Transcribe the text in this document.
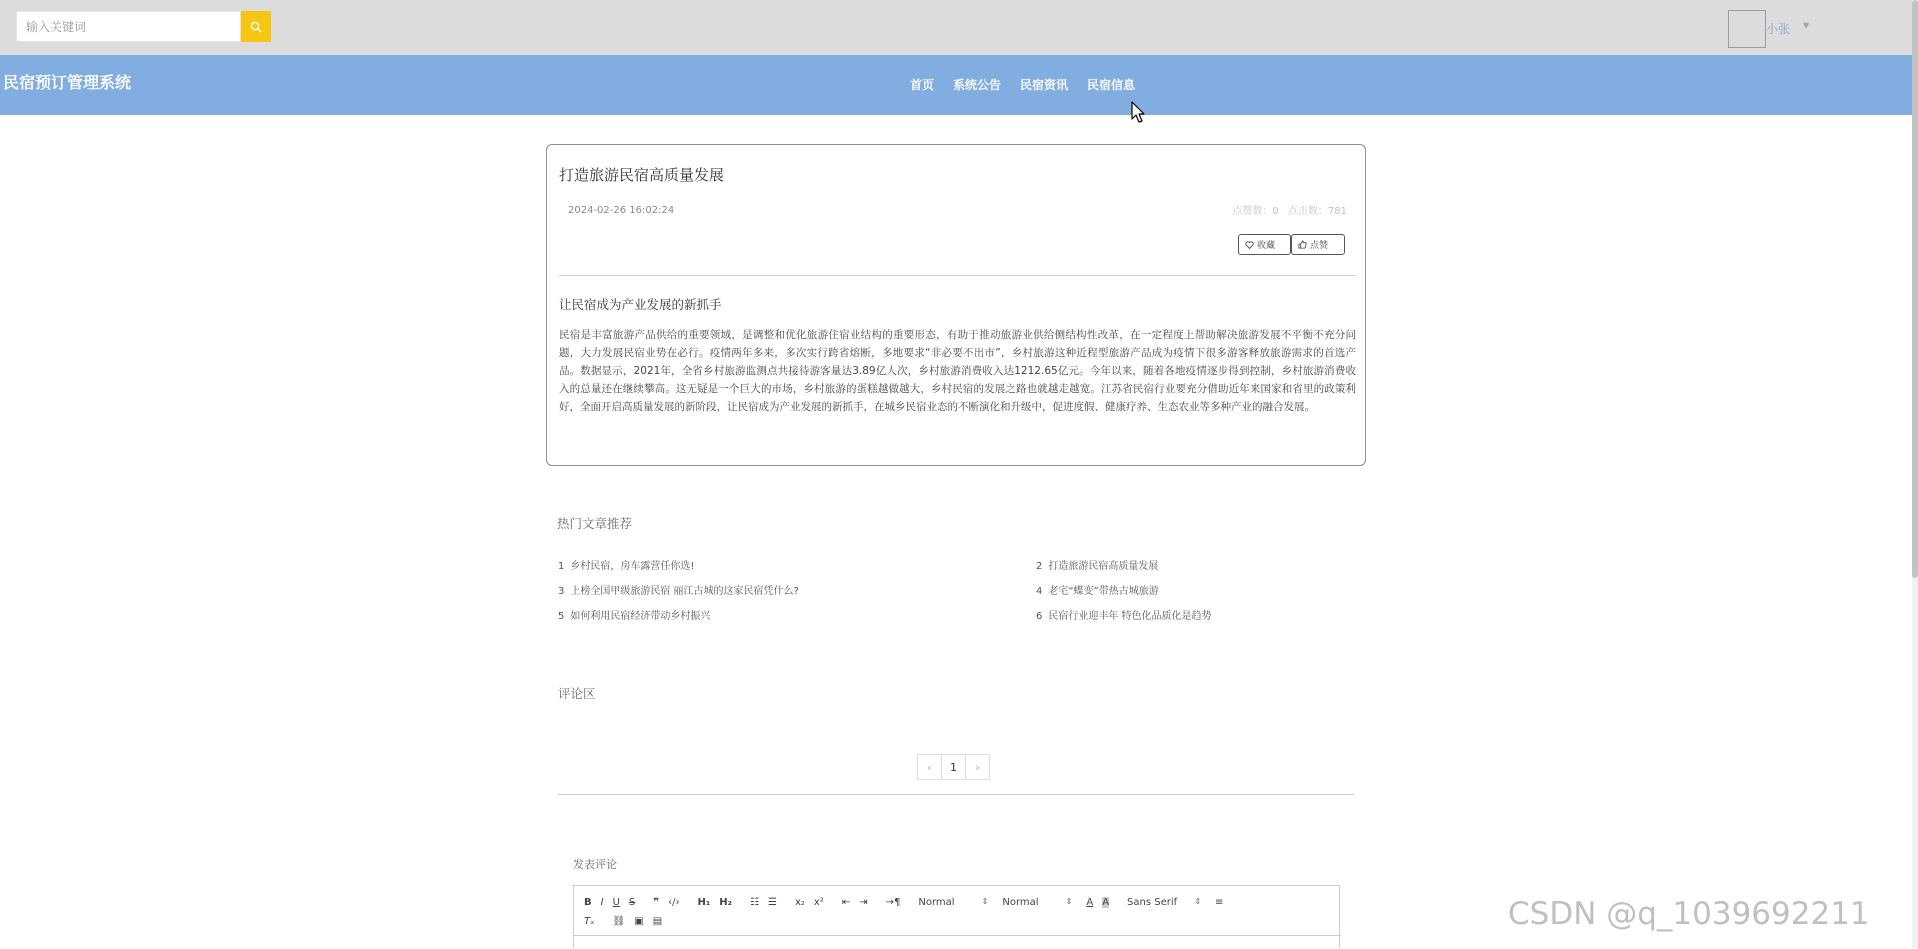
输入关键词
小张 ▼
民宿预订管理系统	首页 系统公告 民宿资讯 民宿信息
打造旅游民宿高质量发展
2024-02-26 16:02:24	点赞数：0 点击数：781
收藏	点赞
让民宿成为产业发展的新抓手
民宿是丰富旅游产品供给的重要领域，是调整和优化旅游住宿业结构的重要形态，有助于推动旅游业供给侧结构性改革，在一定程度上帮助解决旅游发展不平衡不充分问题，大力发展民宿业势在必行。疫情两年多来，多次实行跨省熔断，多地要求“非必要不出市”，乡村旅游这种近程型旅游产品成为疫情下很多游客释放旅游需求的首选产品。数据显示，2021年，全省乡村旅游监测点共接待游客量达3.89亿人次，乡村旅游消费收入达1212.65亿元。今年以来，随着各地疫情逐步得到控制，乡村旅游消费收入的总量还在继续攀高。这无疑是一个巨大的市场，乡村旅游的蛋糕越做越大，乡村民宿的发展之路也就越走越宽。江苏省民宿行业要充分借助近年来国家和省里的政策利好，全面开启高质量发展的新阶段，让民宿成为产业发展的新抓手，在城乡民宿业态的不断演化和升级中，促进度假、健康疗养、生态农业等多种产业的融合发展。
热门文章推荐
1 乡村民宿，房车露营任你选!	2 打造旅游民宿高质量发展
3 上榜全国甲级旅游民宿 丽江古城的这家民宿凭什么?	4 老宅“蝶变”带热古城旅游
5 如何利用民宿经济带动乡村振兴	6 民宿行业迎丰年 特色化品质化是趋势
评论区
‹	1	›
发表评论
B I U S ❞ ‹/› H₁ H₂ ☷ ☰ x₂ x² ⇤ ⇥ →¶ Normal	⇕ Normal	⇕ A A Sans Serif ⇕ ≡
Tₓ ⛓ ▣ ▤	CSDN @q_1039692211
